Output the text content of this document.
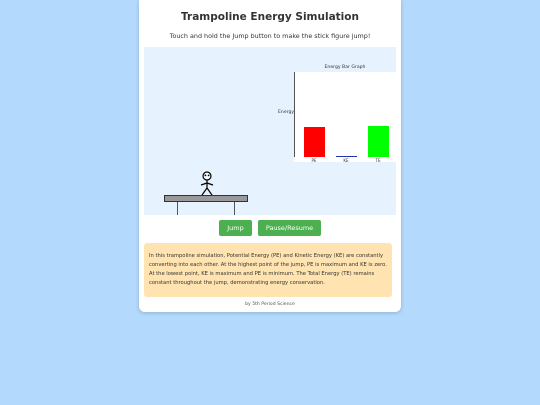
Trampoline Energy Simulation
Touch and hold the Jump button to make the stick figure jump!
Energy
Energy Bar Graph
PE	KE	TE
Jump	Pause/Resume
In this trampoline simulation, Potential Energy (PE) and Kinetic Energy (KE) are constantly converting into each other. At the highest point of the jump, PE is maximum and KE is zero. At the lowest point, KE is maximum and PE is minimum. The Total Energy (TE) remains constant throughout the jump, demonstrating energy conservation.
by 5th Period Science
